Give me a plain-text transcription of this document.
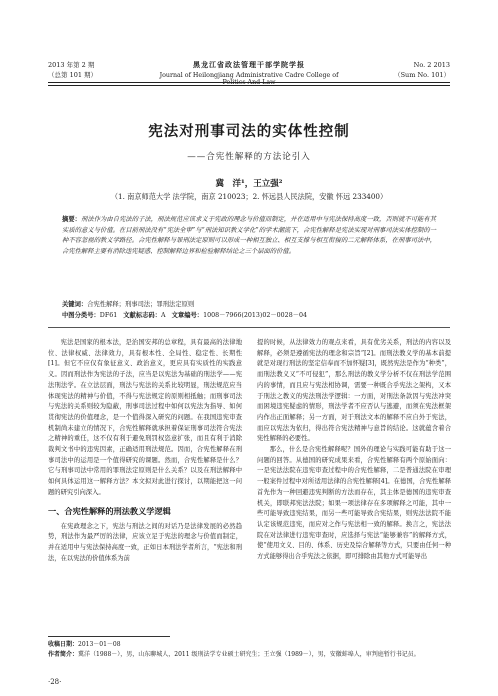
2013 年第 2 期
（总第 101 期）
黑龙江省政法管理干部学院学报
Journal of Heilongjiang Administrative Cadre College of Politics And Law
No. 2 2013
（Sum No. 101）
宪法对刑事司法的实体性控制
——合宪性解释的方法论引入
冀　洋¹，王立强²
（1. 南京师范大学 法学院，南京 210023；2. 怀远县人民法院，安徽 怀远 233400）
摘要：刑法作为由自宪法的子法，刑法规范应该求义于宪政的理念与价值而制定，并在适用中与宪法保持高度一致，否则就不可能有其实质的意义与价值。在目前刑法没有“宪法全审”与“刑法知识教义学化”的学术潮流下，合宪性解释是宪法实现对刑事司法实体控制的一种不容忽视的教义学路径。合宪性解释与罪刑法定原则可以形成一种相互独立、相互支撑与相互衔接的二元解释体系，在刑事司法中，合宪性解释主要有消除违宪疑惑、控制解释边界和检验解释结论之三个层面的价值。
关键词：合宪性解释；刑事司法；罪刑法定原则
中图分类号：DF61 文献标志码：A 文章编号：1008－7966(2013)02－0028－04

宪法是国家的根本法，是治国安邦的总章程，具有最高的法律地位、法律权威、法律效力，具有根本性、全局性、稳定性、长期性[1]。但它不应仅有象征意义、政治意义，更应具有实质性的实践意义。因而刑法作为宪法的子法，应当是以宪法为基础的刑法学——宪法刑法学。在立法层面，刑法与宪法的关系比较明显，刑法规范应当体现宪法的精神与价值，不得与宪法规定的原则相抵触；而刑事司法与宪法的关系则较为隐蔽，刑事司法过程中如何以宪法为指导、如何贯彻宪法的价值理念，是一个值得深入研究的问题。在我国违宪审查机制尚未建立的情况下，合宪性解释就承担着保证刑事司法符合宪法之精神的重任，这不仅有利于避免刑罚权恣意扩张，而且有利于消除裁判文书中的违宪因素，正确适用刑法规范。因而，合宪性解释在刑事司法中的运用是一个值得研究的课题。然而，合宪性解释是什么？它与刑事司法中常用的罪刑法定原则是什么关系？以及在刑法解释中如何具体运用这一解释方法？本文拟对此进行探讨，以期能把这一问题的研究引向深入。

一、合宪性解释的刑法教义学逻辑

在宪政理念之下，宪法与刑法之间的对话乃是法律发展的必然趋势，刑法作为最严厉的法律，应该立足于宪法的理念与价值而制定，并在适用中与宪法保持高度一致，正如日本刑法学者所言，“宪法和刑法，在以宪法的价值体系为前

提的时候，从法律效力的观点来看，具有优劣关系，刑法的内容以及解释，必须是遵循宪法的理念和宗旨”[2]。而刑法教义学的基本前提就是对现行刑法的坚定信奉而不加怀疑[3]，既然宪法是作为“种类”，而刑法教义又“不可侵犯”，那么刑法的教义学分析不仅在刑法学范围内的事情，而且应与宪法相协调，需要一种既合乎宪法之架构，又本于刑法之教义的宪法刑法学逻辑：一方面，对刑法条款因与宪法冲突而困境违宪疑虑的情形，刑法学者不应否认与逃避，而须在宪法框架内作出正面解释；另一方面，对于刑法文本的解释不应自外于宪法，而应以宪法为依归，得出符合宪法精神与意旨的结论。这就蕴含着合宪性解释的必要性。

那么，什么是合宪性解释呢？国外的理论与实践可能有助于这一问题的回答。从德国的研究成果来看，合宪性解释有两个原始面向：一是宪法法院在违宪审查过程中的合宪性解释，二是普通法院在审理一般案件过程中对所适用法律的合宪性解释[4]。在德国，合宪性解释首先作为一种回避违宪判断的方法而存在，其主体是德国的违宪审查机关，即联邦宪法法院；如果一项法律存在多项解释之可能，其中一些可能导致违宪结果，而另一些可能导致合宪结果，则宪法法院不能认定该规范违宪，而应对之作与宪法相一致的解释。换言之，宪法法院在对法律进行违宪审查时，应选择与宪法“能够兼容”的解释方式，使“使用文义、目的、体系、历史及综合解释等方式，只要由任何一种方式能够得出合乎宪法之依据，即可排除由其他方式可能导出

收稿日期：2013－01－08
作者简介：冀洋（1988－），男，山东聊城人，2011 级刑法学专业硕士研究生；王立强（1989－），男，安徽蚌埠人，审判庭暂行书记员。
·28·
